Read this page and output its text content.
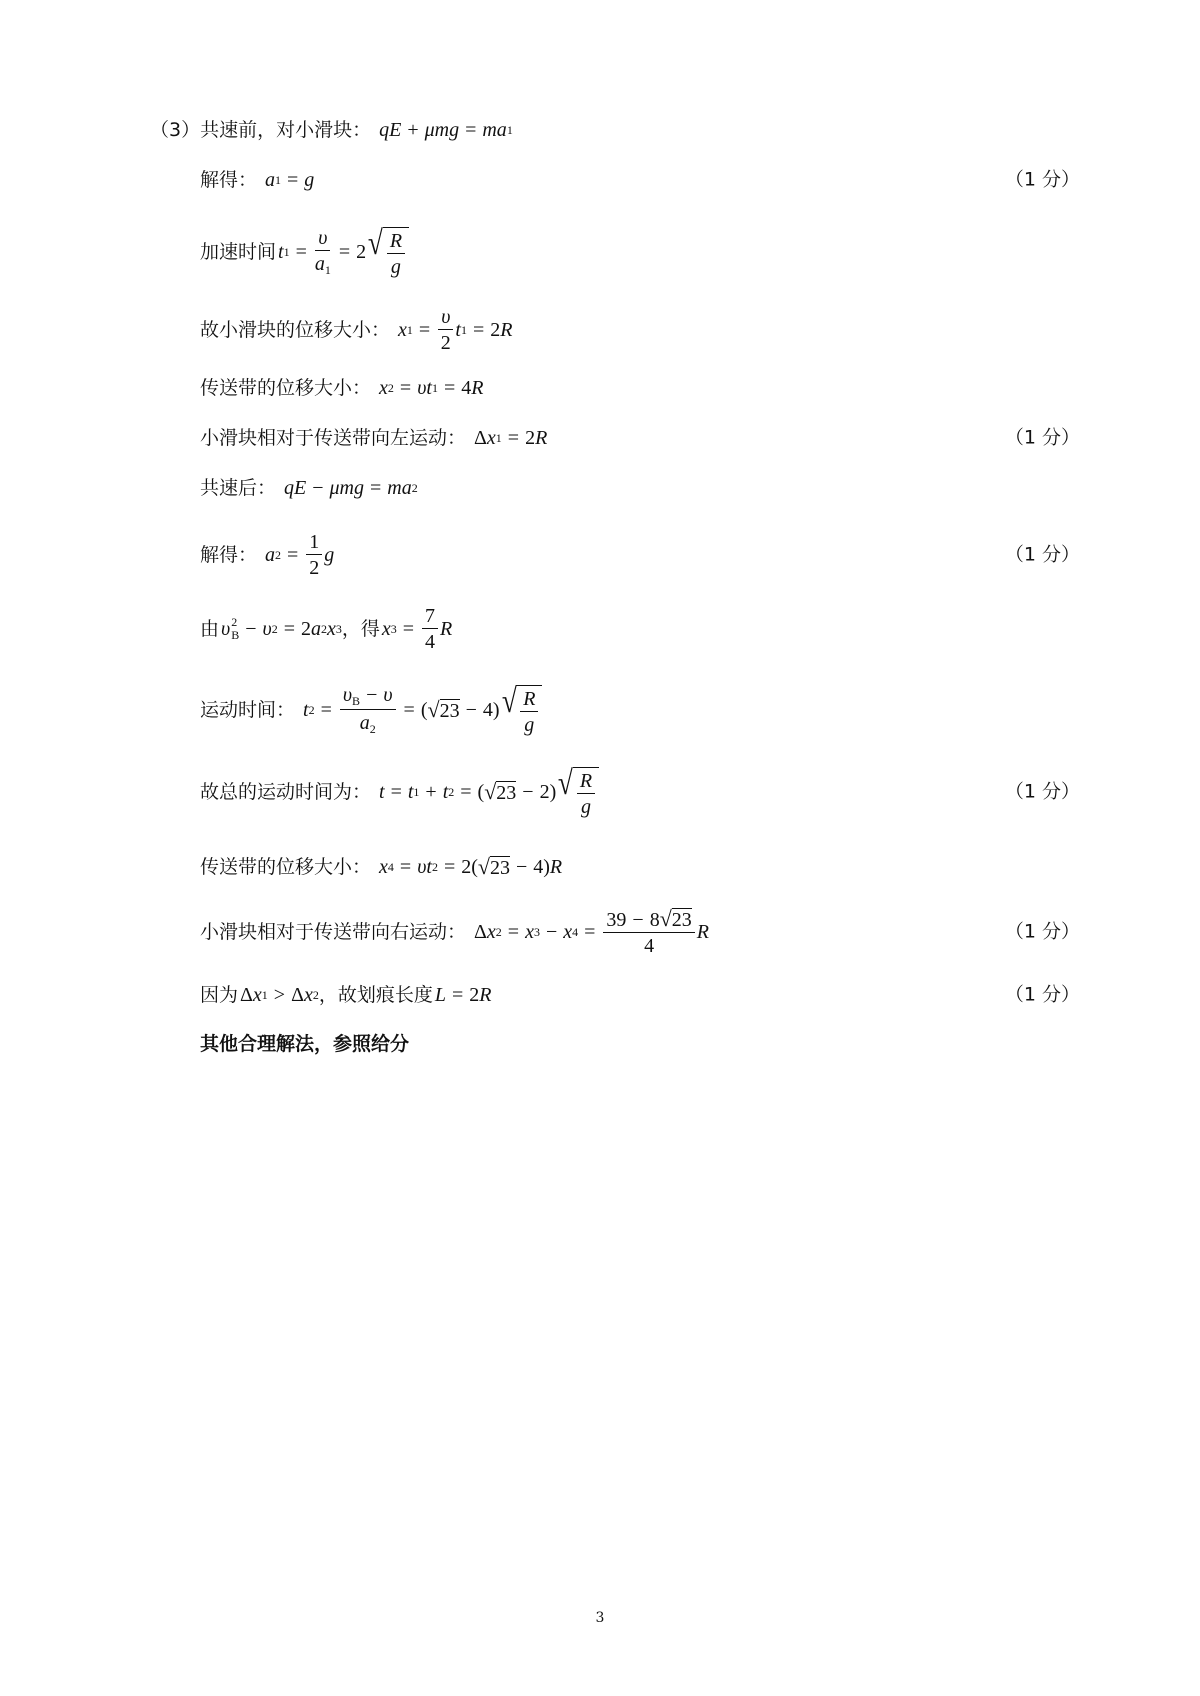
（3）共速前，对小滑块： qE + μmg = ma 1
解得： a 1 = g	（1 分）
加速时间 t $1 = \frac{\upsilon}{a_1} = 2$ √ $\frac{R}{g}$
故小滑块的位移大小： x $1 = \frac{\upsilon}{2}$ t 1 = 2 R
传送带的位移大小： x 2 = υt 1 = 4 R
小滑块相对于传送带向左运动： Δ x 1 = 2 R	（1 分）
共速后： qE − μmg = ma 2
解得： a $2 = \frac{1}{2}$ g	（1 分）
由 υ 2
B − υ 2 = 2 a 2 x 3 ，得 x $3 = \frac{7}{4}$ R
运动时间： t $2 = \frac{\upsilon_B - \upsilon}{a_2}$ = ( √ 23 − 4) √ $\frac{R}{g}$
故总的运动时间为： t = t 1 + t 2 = ( √ 23 − 2) √ $\frac{R}{g}$	（1 分）
传送带的位移大小： x 4 = υt 2 = 2( √ 23 − 4) R
小滑块相对于传送带向右运动： Δ x 2 = x 3 − x $4 = \frac{39 - 8 √ 23}{4}$ R	（1 分）
因为 Δ x 1 > Δ x 2 ，故划痕长度 L = 2 R	（1 分）
其他合理解法，参照给分
3
